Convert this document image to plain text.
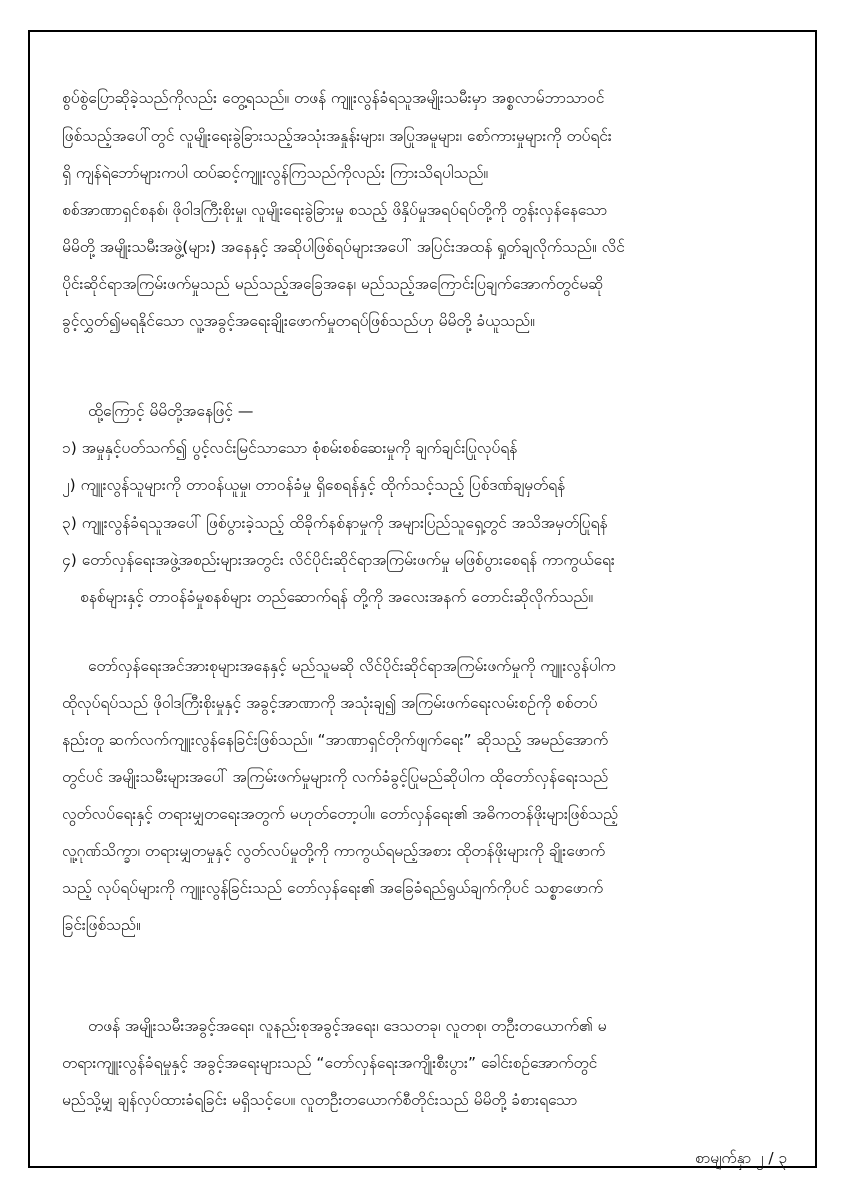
စွပ်စွဲပြောဆိုခဲ့သည်ကိုလည်း တွေ့ရသည်။ တဖန် ကျူးလွန်ခံရသူအမျိုးသမီးမှာ အစ္စလာမ်ဘာသာဝင်
ဖြစ်သည့်အပေါ်တွင် လူမျိုးရေးခွဲခြားသည့်အသုံးအနှုန်းများ၊ အပြုအမူများ၊ စော်ကားမှုများကို တပ်ရင်း
ရှိ ကျန်ရဲဘော်များကပါ ထပ်ဆင့်ကျူးလွန်ကြသည်ကိုလည်း ကြားသိရပါသည်။
စစ်အာဏာရှင်စနစ်၊ ဖိုဝါဒကြီးစိုးမှု၊ လူမျိုးရေးခွဲခြားမှု စသည့် ဖိနှိပ်မှုအရပ်ရပ်တို့ကို တွန်းလှန်နေသော
မိမိတို့ အမျိုးသမီးအဖွဲ့(များ) အနေနှင့် အဆိုပါဖြစ်ရပ်များအပေါ် အပြင်းအထန် ရှုတ်ချလိုက်သည်။ လိင်
ပိုင်းဆိုင်ရာအကြမ်းဖက်မှုသည် မည်သည့်အခြေအနေ၊ မည်သည့်အကြောင်းပြချက်အောက်တွင်မဆို
ခွင့်လွှတ်၍မရနိုင်သော လူ့အခွင့်အရေးချိုးဖောက်မှုတရပ်ဖြစ်သည်ဟု မိမိတို့ ခံယူသည်။
ထို့ကြောင့် မိမိတို့အနေဖြင့် —
၁) အမှုနှင့်ပတ်သက်၍ ပွင့်လင်းမြင်သာသော စုံစမ်းစစ်ဆေးမှုကို ချက်ချင်းပြုလုပ်ရန်
၂) ကျူးလွန်သူများကို တာဝန်ယူမှု၊ တာဝန်ခံမှု ရှိစေရန်နှင့် ထိုက်သင့်သည့် ပြစ်ဒဏ်ချမှတ်ရန်
၃) ကျူးလွန်ခံရသူအပေါ် ဖြစ်ပွားခဲ့သည့် ထိခိုက်နစ်နာမှုကို အများပြည်သူရှေ့တွင် အသိအမှတ်ပြုရန်
၄) တော်လှန်ရေးအဖွဲ့အစည်းများအတွင်း လိင်ပိုင်းဆိုင်ရာအကြမ်းဖက်မှု မဖြစ်ပွားစေရန် ကာကွယ်ရေး
စနစ်များနှင့် တာဝန်ခံမှုစနစ်များ တည်ဆောက်ရန် တို့ကို အလေးအနက် တောင်းဆိုလိုက်သည်။
တော်လှန်ရေးအင်အားစုများအနေနှင့် မည်သူမဆို လိင်ပိုင်းဆိုင်ရာအကြမ်းဖက်မှုကို ကျူးလွန်ပါက
ထိုလုပ်ရပ်သည် ဖိုဝါဒကြီးစိုးမှုနှင့် အခွင့်အာဏာကို အသုံးချ၍ အကြမ်းဖက်ရေးလမ်းစဉ်ကို စစ်တပ်
နည်းတူ ဆက်လက်ကျူးလွန်နေခြင်းဖြစ်သည်။ “အာဏာရှင်တိုက်ဖျက်ရေး” ဆိုသည့် အမည်အောက်
တွင်ပင် အမျိုးသမီးများအပေါ် အကြမ်းဖက်မှုများကို လက်ခံခွင့်ပြုမည်ဆိုပါက ထိုတော်လှန်ရေးသည်
လွတ်လပ်ရေးနှင့် တရားမျှတရေးအတွက် မဟုတ်တော့ပါ။ တော်လှန်ရေး၏ အဓိကတန်ဖိုးများဖြစ်သည့်
လူ့ဂုဏ်သိက္ခာ၊ တရားမျှတမှုနှင့် လွတ်လပ်မှုတို့ကို ကာကွယ်ရမည့်အစား ထိုတန်ဖိုးများကို ချိုးဖောက်
သည့် လုပ်ရပ်များကို ကျူးလွန်ခြင်းသည် တော်လှန်ရေး၏ အခြေခံရည်ရွယ်ချက်ကိုပင် သစ္စာဖောက်
ခြင်းဖြစ်သည်။
တဖန် အမျိုးသမီးအခွင့်အရေး၊ လူနည်းစုအခွင့်အရေး၊ ဒေသတခု၊ လူတစု၊ တဦးတယောက်၏ မ
တရားကျူးလွန်ခံရမှုနှင့် အခွင့်အရေးများသည် “တော်လှန်ရေးအကျိုးစီးပွား” ခေါင်းစဉ်အောက်တွင်
မည်သို့မျှ ချန်လှပ်ထားခံရခြင်း မရှိသင့်ပေ။ လူတဦးတယောက်စီတိုင်းသည် မိမိတို့ ခံစားရသော
စာမျက်နှာ ၂ / ၃
